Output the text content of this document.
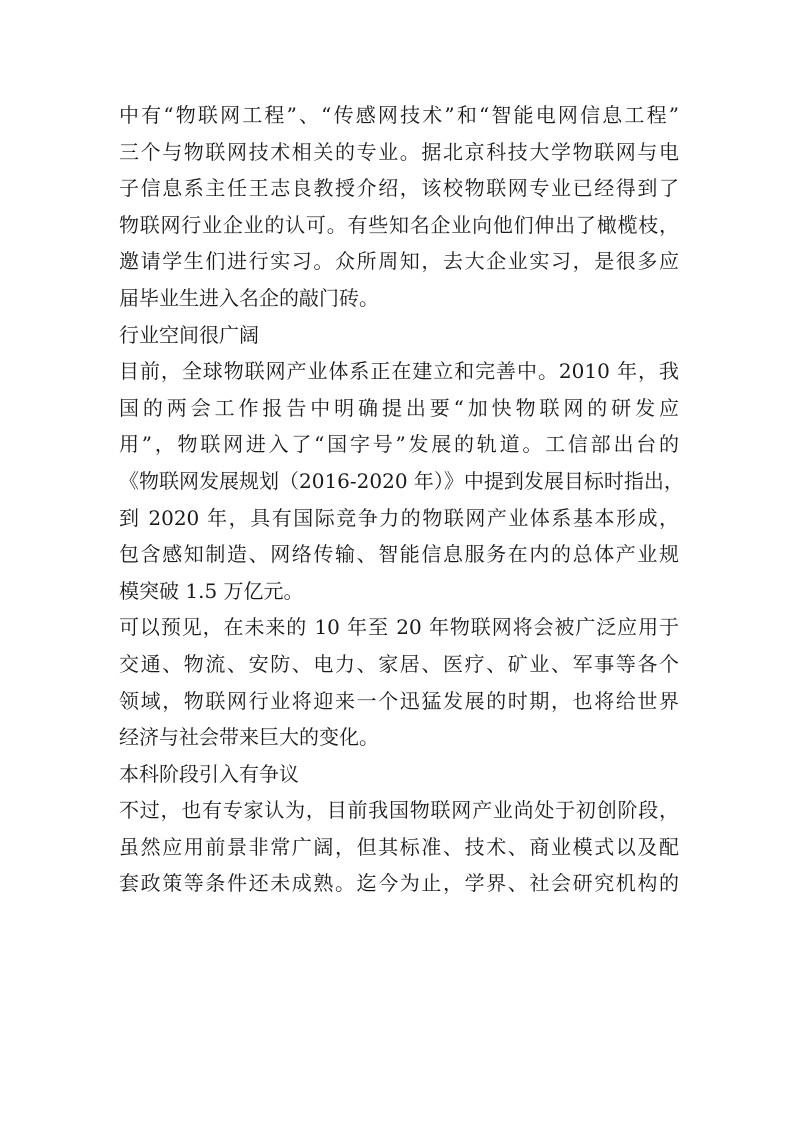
中有“物联网工程”、“传感网技术”和“智能电网信息工程”
三个与物联网技术相关的专业。据北京科技大学物联网与电
子信息系主任王志良教授介绍，该校物联网专业已经得到了
物联网行业企业的认可。有些知名企业向他们伸出了橄榄枝，
邀请学生们进行实习。众所周知，去大企业实习，是很多应
届毕业生进入名企的敲门砖。
行业空间很广阔
目前，全球物联网产业体系正在建立和完善中。2010 年，我
国的两会工作报告中明确提出要“加快物联网的研发应
用”，物联网进入了“国字号”发展的轨道。工信部出台的
《物联网发展规划（2016-2020 年）》中提到发展目标时指出，
到 2020 年，具有国际竞争力的物联网产业体系基本形成，
包含感知制造、网络传输、智能信息服务在内的总体产业规
模突破 1.5 万亿元。
可以预见，在未来的 10 年至 20 年物联网将会被广泛应用于
交通、物流、安防、电力、家居、医疗、矿业、军事等各个
领域，物联网行业将迎来一个迅猛发展的时期，也将给世界
经济与社会带来巨大的变化。
本科阶段引入有争议
不过，也有专家认为，目前我国物联网产业尚处于初创阶段，
虽然应用前景非常广阔，但其标准、技术、商业模式以及配
套政策等条件还未成熟。迄今为止，学界、社会研究机构的
